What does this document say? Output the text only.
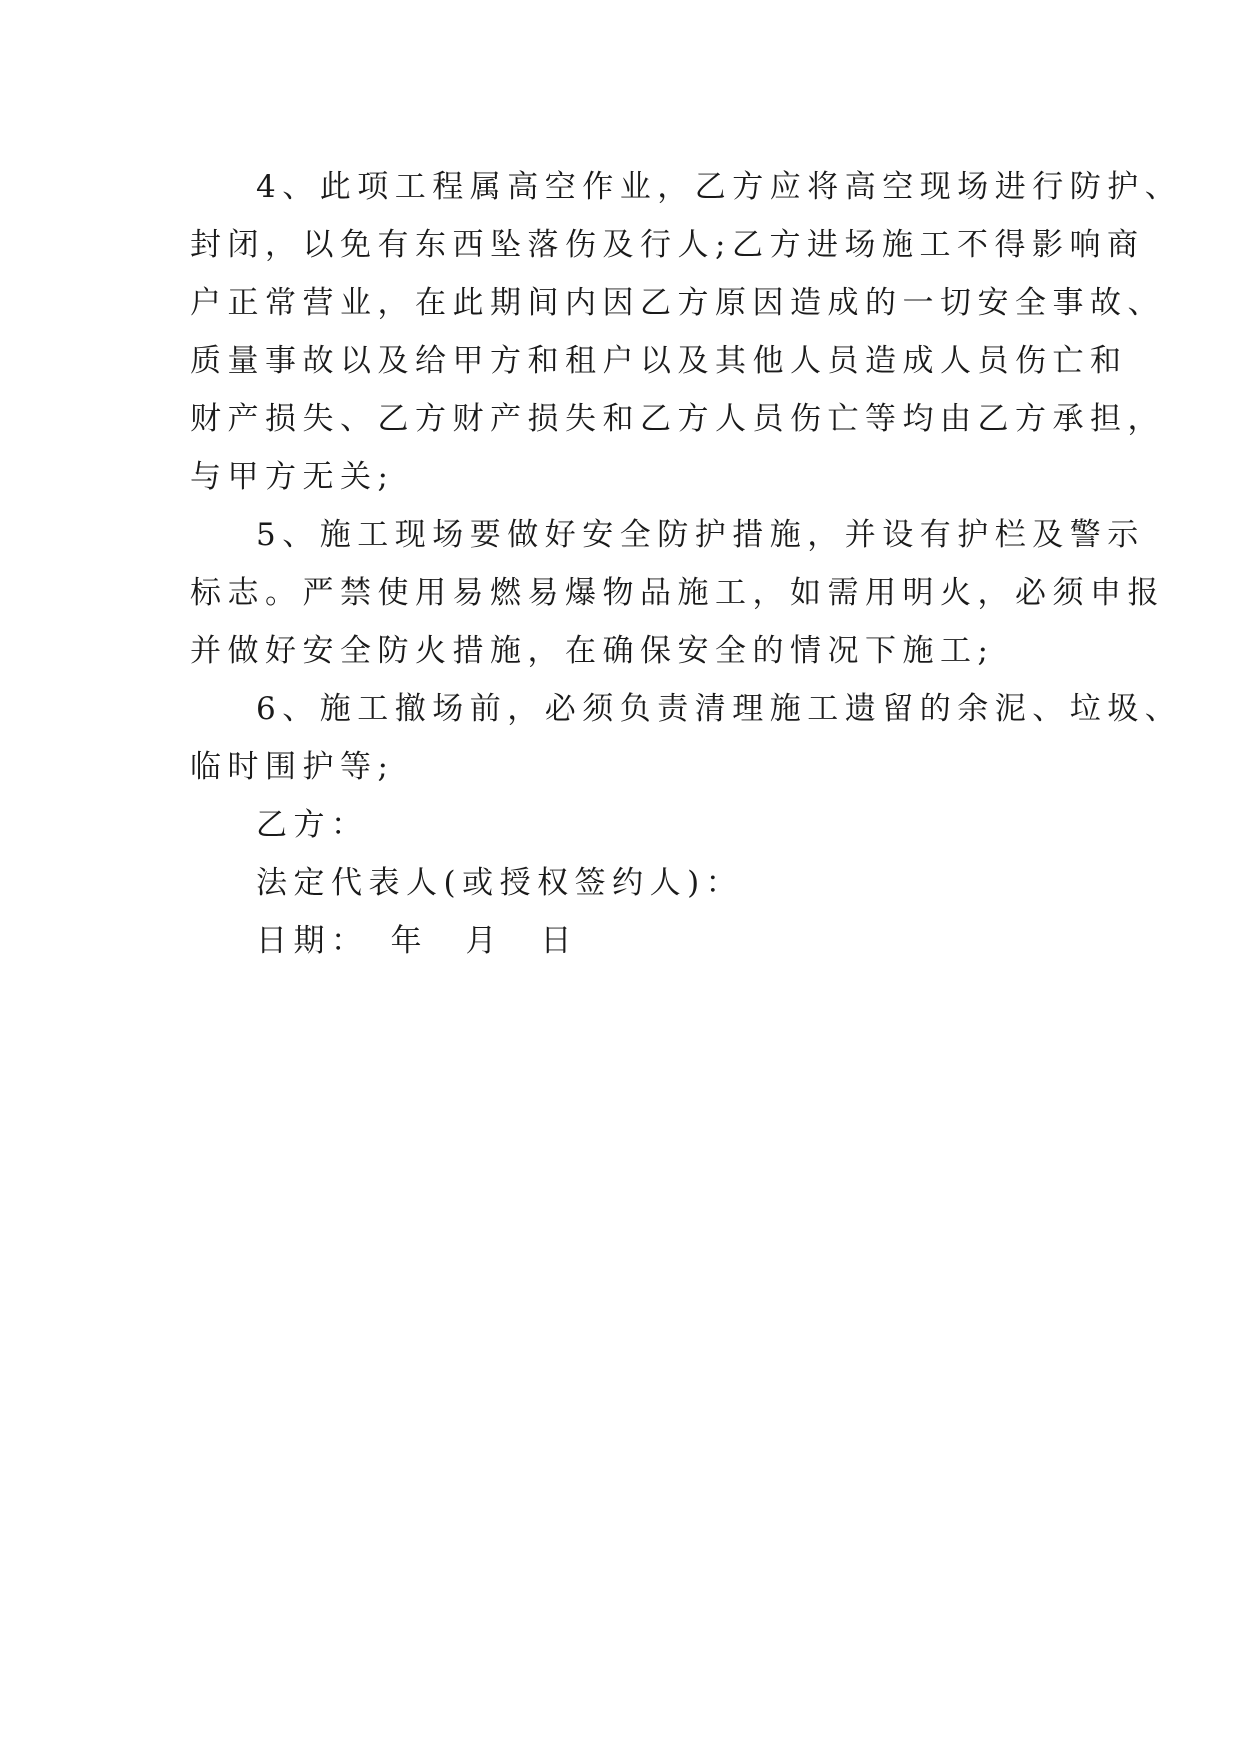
4、此项工程属高空作业，乙方应将高空现场进行防护、

封闭，以免有东西坠落伤及行人;乙方进场施工不得影响商

户正常营业，在此期间内因乙方原因造成的一切安全事故、

质量事故以及给甲方和租户以及其他人员造成人员伤亡和

财产损失、乙方财产损失和乙方人员伤亡等均由乙方承担，

与甲方无关;

5、施工现场要做好安全防护措施，并设有护栏及警示

标志。严禁使用易燃易爆物品施工，如需用明火，必须申报

并做好安全防火措施，在确保安全的情况下施工;

6、施工撤场前，必须负责清理施工遗留的余泥、垃圾、

临时围护等;

乙方：

法定代表人(或授权签约人)：

日期：　年　月　日
